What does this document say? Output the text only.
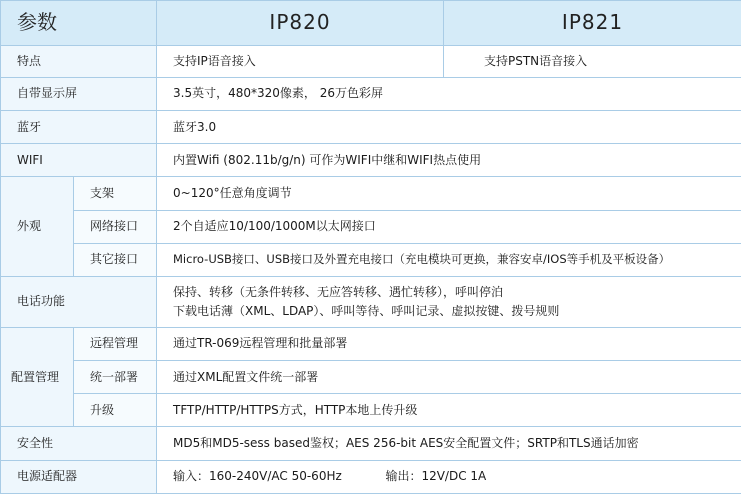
参数		IP820	IP821
特点		支持IP语音接入	支持PSTN语音接入
自带显示屏		3.5英寸，480*320像素， 26万色彩屏	
蓝牙		蓝牙3.0	
WIFI		内置Wifi (802.11b/g/n) 可作为WIFI中继和WIFI热点使用	
外观	支架	0~120°任意角度调节	
	网络接口	2个自适应10/100/1000M以太网接口	
	其它接口	Micro-USB接口、USB接口及外置充电接口（充电模块可更换，兼容安卓/IOS等手机及平板设备）	
电话功能		保持、转移（无条件转移、无应答转移、遇忙转移），呼叫停泊
下载电话薄（XML、LDAP）、呼叫等待、呼叫记录、虚拟按键、拨号规则	

配置管理	远程管理	通过TR-069远程管理和批量部署	
	统一部署	通过XML配置文件统一部署	
	升级	TFTP/HTTP/HTTPS方式，HTTP本地上传升级	
安全性		MD5和MD5-sess based鉴权；AES 256-bit AES安全配置文件；SRTP和TLS通话加密	
电源适配器		输入：160-240V/AC 50-60Hz 输出：12V/DC 1A	
